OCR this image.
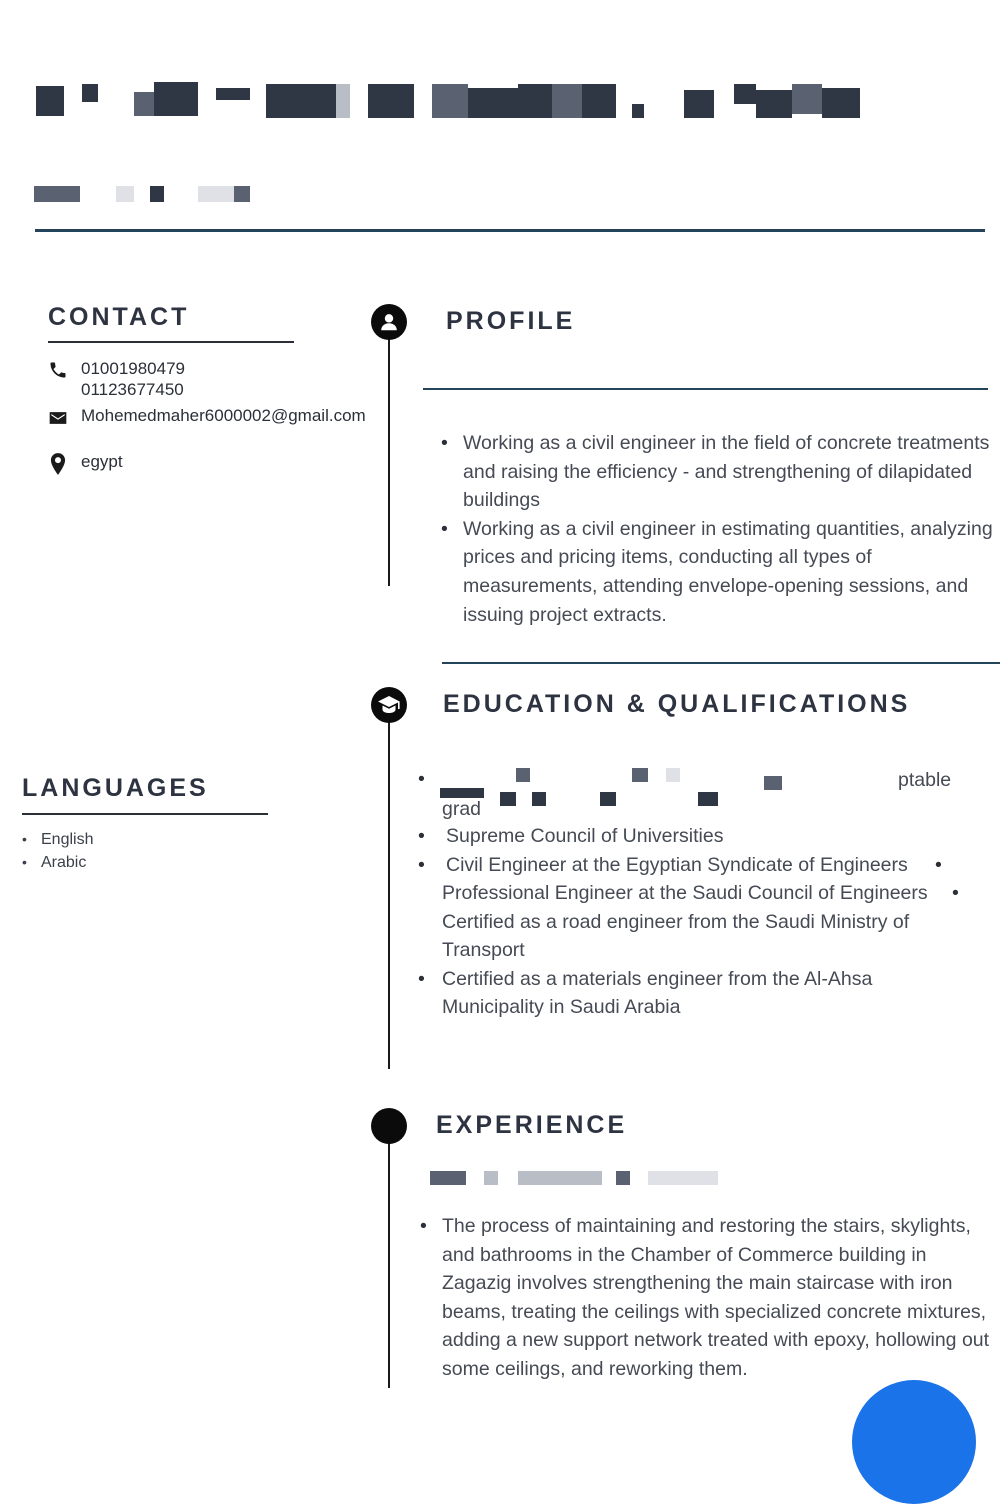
CONTACT
01001980479
01123677450
Mohemedmaher6000002@gmail.com
egypt
LANGUAGES
• English
• Arabic
PROFILE
• Working as a civil engineer in the field of concrete treatments and raising the efficiency - and strengthening of dilapidated buildings
• Working as a civil engineer in estimating quantities, analyzing prices and pricing items, conducting all types of measurements, attending envelope-opening sessions, and issuing project extracts.
EDUCATION & QUALIFICATIONS
•	ptable
grad
• Supreme Council of Universities
• Civil Engineer at the Egyptian Syndicate of Engineers •
Professional Engineer at the Saudi Council of Engineers •
Certified as a road engineer from the Saudi Ministry of
Transport
• Certified as a materials engineer from the Al-Ahsa
Municipality in Saudi Arabia
EXPERIENCE
• The process of maintaining and restoring the stairs, skylights, and bathrooms in the Chamber of Commerce building in Zagazig involves strengthening the main staircase with iron beams, treating the ceilings with specialized concrete mixtures, adding a new support network treated with epoxy, hollowing out some ceilings, and reworking them.
